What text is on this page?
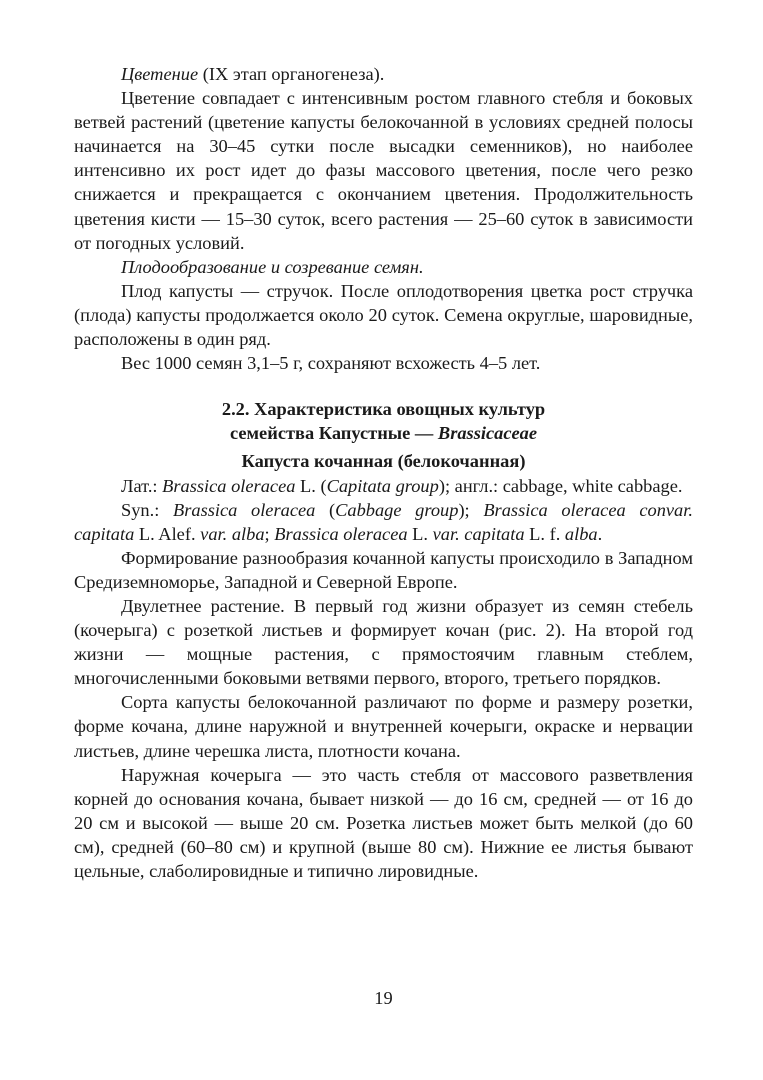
Цветение (IX этап органогенеза).

Цветение совпадает с интенсивным ростом главного стебля и боковых ветвей растений (цветение капусты белокочанной в условиях средней полосы начинается на 30–45 сутки после высадки семенников), но наиболее интенсивно их рост идет до фазы массового цветения, после чего резко снижается и прекращается с окончанием цветения. Продолжительность цветения кисти — 15–30 суток, всего растения — 25–60 суток в зависимости от погодных условий.

Плодообразование и созревание семян.

Плод капусты — стручок. После оплодотворения цветка рост стручка (плода) капусты продолжается около 20 суток. Семена округлые, шаровидные, расположены в один ряд.

Вес 1000 семян 3,1–5 г, сохраняют всхожесть 4–5 лет.

2.2. Характеристика овощных культур

семейства Капустные — Brassicaceae

Капуста кочанная (белокочанная)

Лат.: Brassica oleracea L. (Capitata group); англ.: cabbage, white cabbage.

Syn.: Brassica oleracea (Cabbage group); Brassica oleracea convar. capitata L. Alef. var. alba; Brassica oleracea L. var. capitata L. f. alba.

Формирование разнообразия кочанной капусты происходило в Западном Средиземноморье, Западной и Северной Европе.

Двулетнее растение. В первый год жизни образует из семян стебель (кочерыга) с розеткой листьев и формирует кочан (рис. 2). На второй год жизни — мощные растения, с прямостоячим главным стеблем, многочисленными боковыми ветвями первого, второго, третьего порядков.

Сорта капусты белокочанной различают по форме и размеру розетки, форме кочана, длине наружной и внутренней кочерыги, окраске и нервации листьев, длине черешка листа, плотности кочана.

Наружная кочерыга — это часть стебля от массового разветвления корней до основания кочана, бывает низкой — до 16 см, средней — от 16 до 20 см и высокой — выше 20 см. Розетка листьев может быть мелкой (до 60 см), средней (60–80 см) и крупной (выше 80 см). Нижние ее листья бывают цельные, слаболировидные и типично лировидные.

19
